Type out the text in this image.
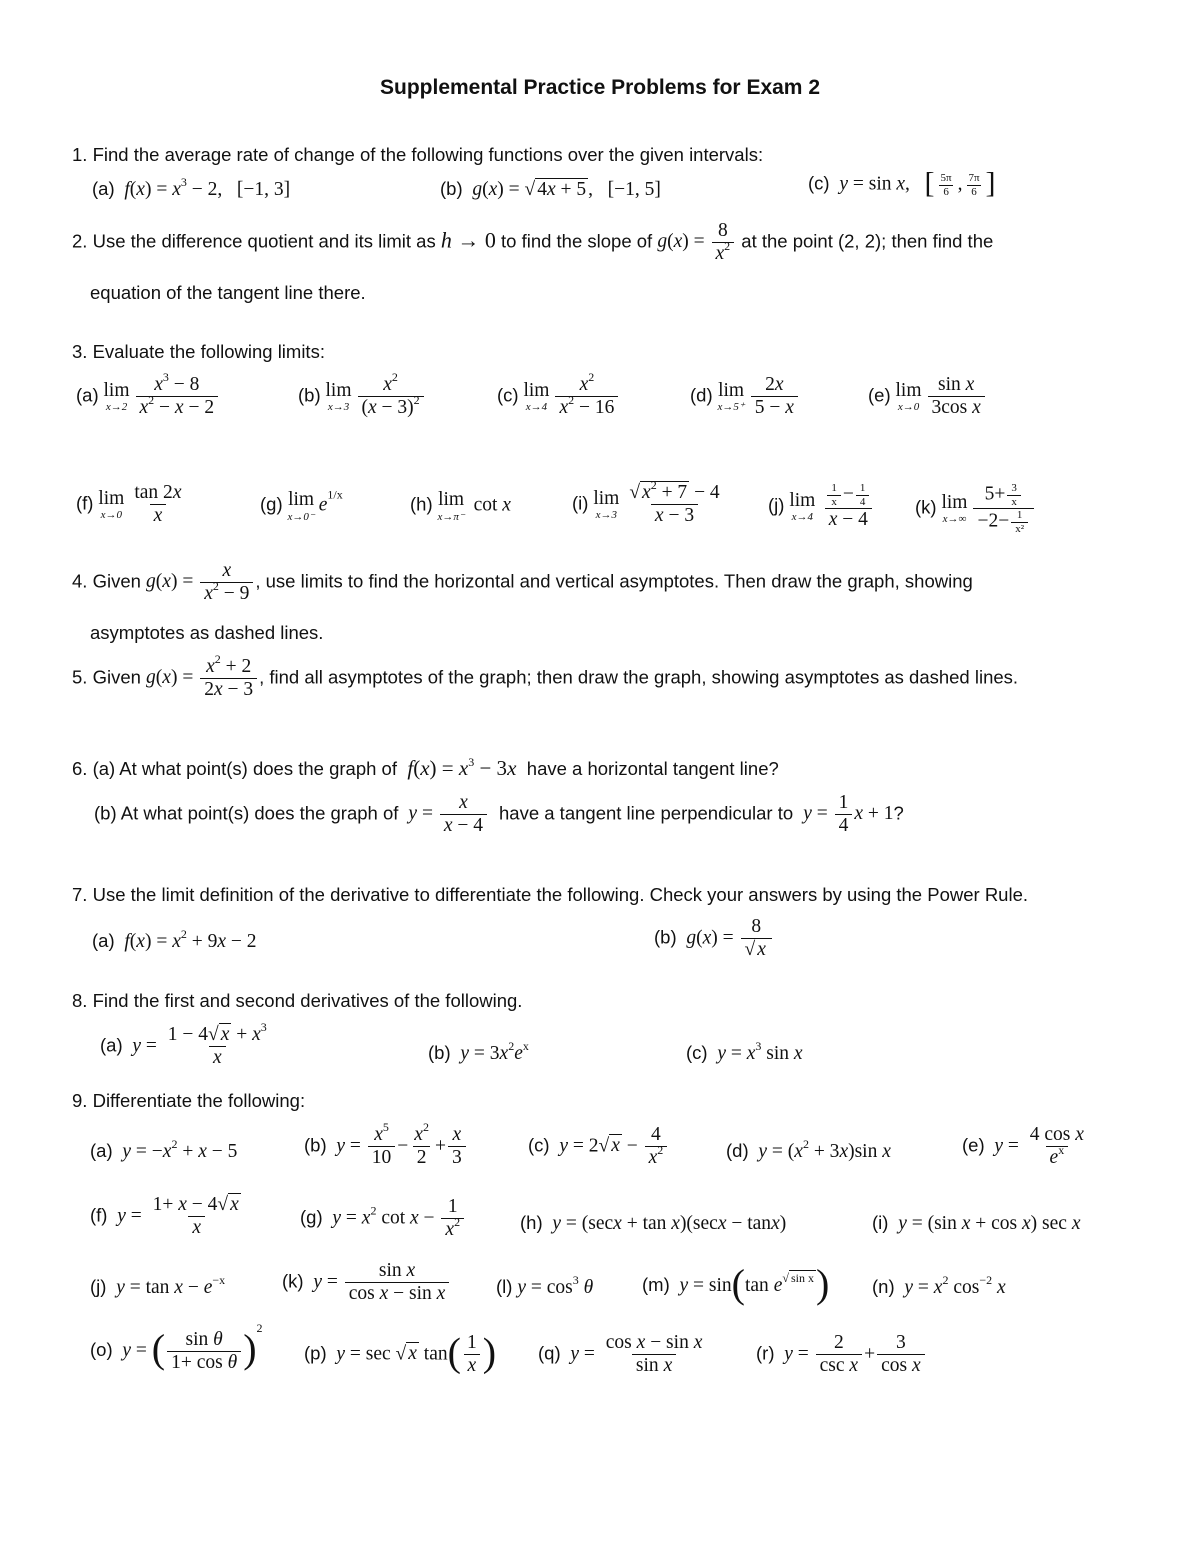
Supplemental Practice Problems for Exam 2
1. Find the average rate of change of the following functions over the given intervals:
(a) $f(x) = x^3 - 2$,   [−1, 3]	(b) g(x) = √ 4x + 5 ,   [−1, 5]	(c) y = sin x,   [ $\frac{5\pi}{6}$ , $\frac{7\pi}{6}$ ]
2. Use the difference quotient and its limit as h → 0 to find the slope of $g(x) = \frac{8}{x^2}$ at the point (2, 2); then find the
equation of the tangent line there.
3. Evaluate the following limits:
(a) lim
$x\to 2 \frac{x^3 - 8}{x^2 - x - 2}$	(b) lim
$x\to 3 \frac{x^2}{(x - 3)^2}$	(c) lim
$x\to 4 \frac{x^2}{x^2 - 16}$	(d) lim
$x\to 5^+ \frac{2x}{5 - x}$	(e) lim
$x\to 0 \frac{\text{sin x}}{\text{3cos x}}$
(f) lim
$x\to 0 \frac{\tan 2x}{x}$	(g) lim
x→0⁻
$e^{1/x}$	(h) lim
x→π⁻
cot x	(i) lim
$x\to 3 \frac{√ x^2 + 7 - 4}{x - 3} (j)$ lim
$x\to 4 \frac{\frac{1}{x} - \frac{1}{4}}{x - 4} (k)$ lim
$x\to\infty \frac{5+ \frac{3}{x}}{-2- \frac{1}{\text{x²}}}$
4. Given $g(x) = \frac{x}{x^2 - 9}$ , use limits to find the horizontal and vertical asymptotes. Then draw the graph, showing
asymptotes as dashed lines.
5. Given $g(x) = \frac{x^2 + 2}{2x - 3}$ , find all asymptotes of the graph; then draw the graph, showing asymptotes as dashed lines.
6. (a) At what point(s) does the graph of $f(x) = x^3 - 3x$ have a horizontal tangent line?
(b) At what point(s) does the graph of $y = \frac{x}{x - 4}$ have a tangent line perpendicular to $y = \frac{1}{4}$ x + 1?
7. Use the limit definition of the derivative to differentiate the following. Check your answers by using the Power Rule.
(a) $f(x) = x^2 + 9x - 2$	(b) $g(x) = \frac{8}{√ x}$
8. Find the first and second derivatives of the following.
(a) $y = \frac{1 - 4√ x + x^3}{x}$	(b) $y = 3x^2e^x$	(c) $y = x^3$ sin x
9. Differentiate the following:
(a) $y = -x^2 + x - 5$	(b) $y = \frac{x^5}{10} - \frac{x^2}{2} + \frac{x}{3}$	(c) y = 2√ $x - \frac{4}{x^2}$	(d) $y = (x^2 + 3x)\sin$ x	(e) $y = \frac{\text{4 cos x}}{e^x}$
(f) $y = \frac{1+ x - 4√ x}{x}$	(g) $y = x^2$ $\cot x - \frac{1}{x^2}$	(h) y = (secx + tan x)(secx − tanx)	(i) y = (sin x + cos x) sec x
(j) $y = \tan x - e^{-x}$	(k) $y = \frac{\text{sin x}}{\text{cos x − sin x}}$	(l) $y = \cos^3 \theta$	(m) y = sin(tan $e^{√ sin x}$) (n) $y = x^2$ $\cos^{-2} x$
(o) y = ( $\frac{\text{sin θ}}{\text{1+ cos θ}} )^2$
(p) y = sec √ x $\tan( \frac{1}{x}$ ) (q) $y = \frac{\text{cos x − sin x}}{\text{sin x}}$	(r) $y = \frac{2}{\text{csc x}} + \frac{3}{\text{cos x}}$
